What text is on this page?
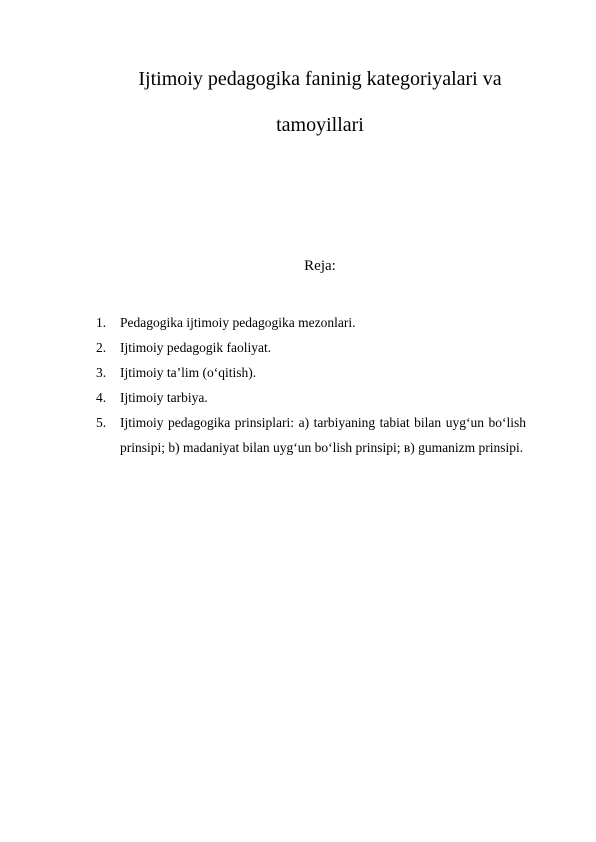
Ijtimoiy pedagogika faninig kategoriyalari va
tamoyillari
Reja:
1.	Pedagogika ijtimoiy pedagogika mezonlari.
2.	Ijtimoiy pedagogik faoliyat.
3.	Ijtimoiy ta’lim (o‘qitish).
4.	Ijtimoiy tarbiya.
5.	Ijtimoiy pedagogika prinsiplari: a) tarbiyaning tabiat bilan uyg‘un bo‘lish prinsipi; b) madaniyat bilan uyg‘un bo‘lish prinsipi; в) gumanizm prinsipi.
